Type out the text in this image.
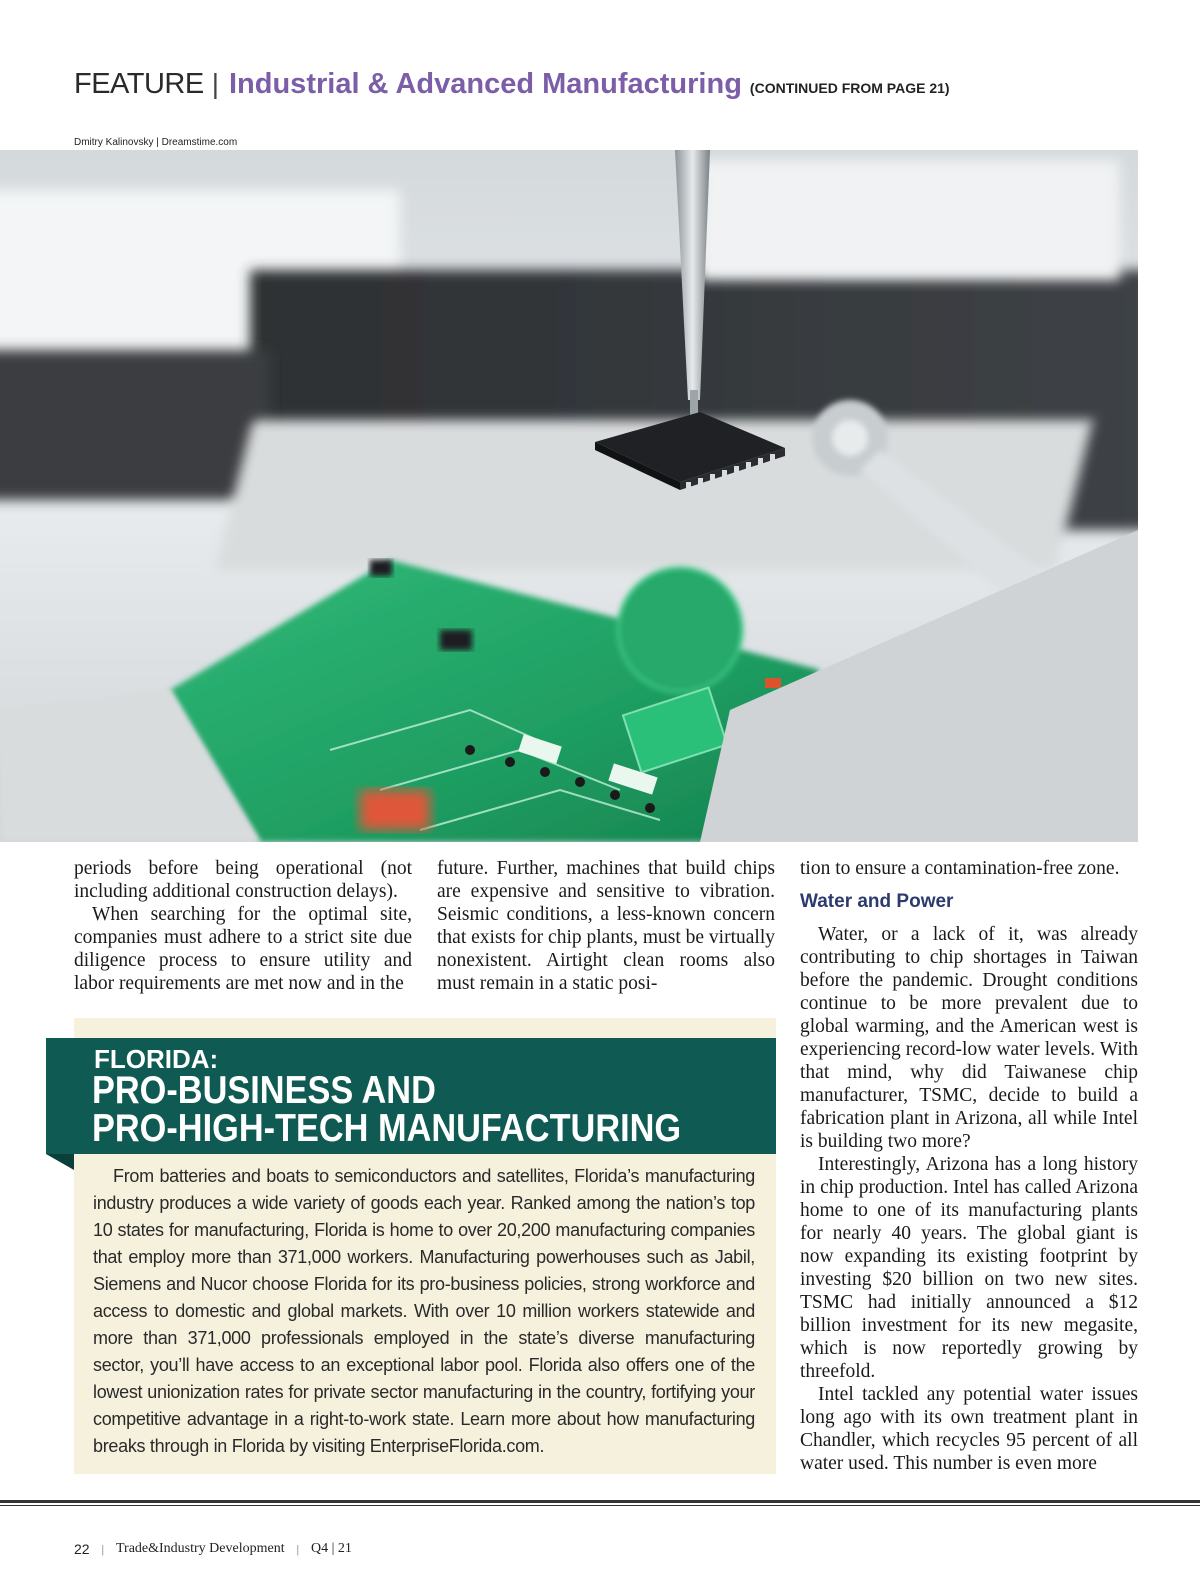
FEATURE | Industrial & Advanced Manufacturing (CONTINUED FROM PAGE 21)
Dmitry Kalinovsky | Dreamstime.com

periods before being operational (not including additional construction delays).

When searching for the optimal site, companies must adhere to a strict site due diligence process to ensure utility and labor requirements are met now and in the

future. Further, machines that build chips are expensive and sensitive to vibration. Seismic conditions, a less-known concern that exists for chip plants, must be virtually nonexistent. Airtight clean rooms also must remain in a static posi-

tion to ensure a contamination-free zone.

Water and Power

Water, or a lack of it, was already contributing to chip shortages in Taiwan before the pandemic. Drought conditions continue to be more prevalent due to global warming, and the American west is experiencing record-low water levels. With that mind, why did Taiwanese chip manufacturer, TSMC, decide to build a fabrication plant in Arizona, all while Intel is building two more?

Interestingly, Arizona has a long history in chip production. Intel has called Arizona home to one of its manufacturing plants for nearly 40 years. The global giant is now expanding its existing footprint by investing $20 billion on two new sites. TSMC had initially announced a $12 billion investment for its new megasite, which is now reportedly growing by threefold.

Intel tackled any potential water issues long ago with its own treatment plant in Chandler, which recycles 95 percent of all water used. This number is even more

FLORIDA:
PRO-BUSINESS AND
PRO-HIGH-TECH MANUFACTURING

From batteries and boats to semiconductors and satellites, Florida’s manufacturing industry produces a wide variety of goods each year. Ranked among the nation’s top 10 states for manufacturing, Florida is home to over 20,200 manufacturing companies that employ more than 371,000 workers. Manufacturing powerhouses such as Jabil, Siemens and Nucor choose Florida for its pro-business policies, strong workforce and access to domestic and global markets. With over 10 million workers statewide and more than 371,000 professionals employed in the state’s diverse manufacturing sector, you’ll have access to an exceptional labor pool. Florida also offers one of the lowest unionization rates for private sector manufacturing in the country, fortifying your competitive advantage in a right-to-work state. Learn more about how manufacturing breaks through in Florida by visiting EnterpriseFlorida.com.

22 | Trade&Industry Development | Q4 | 21
